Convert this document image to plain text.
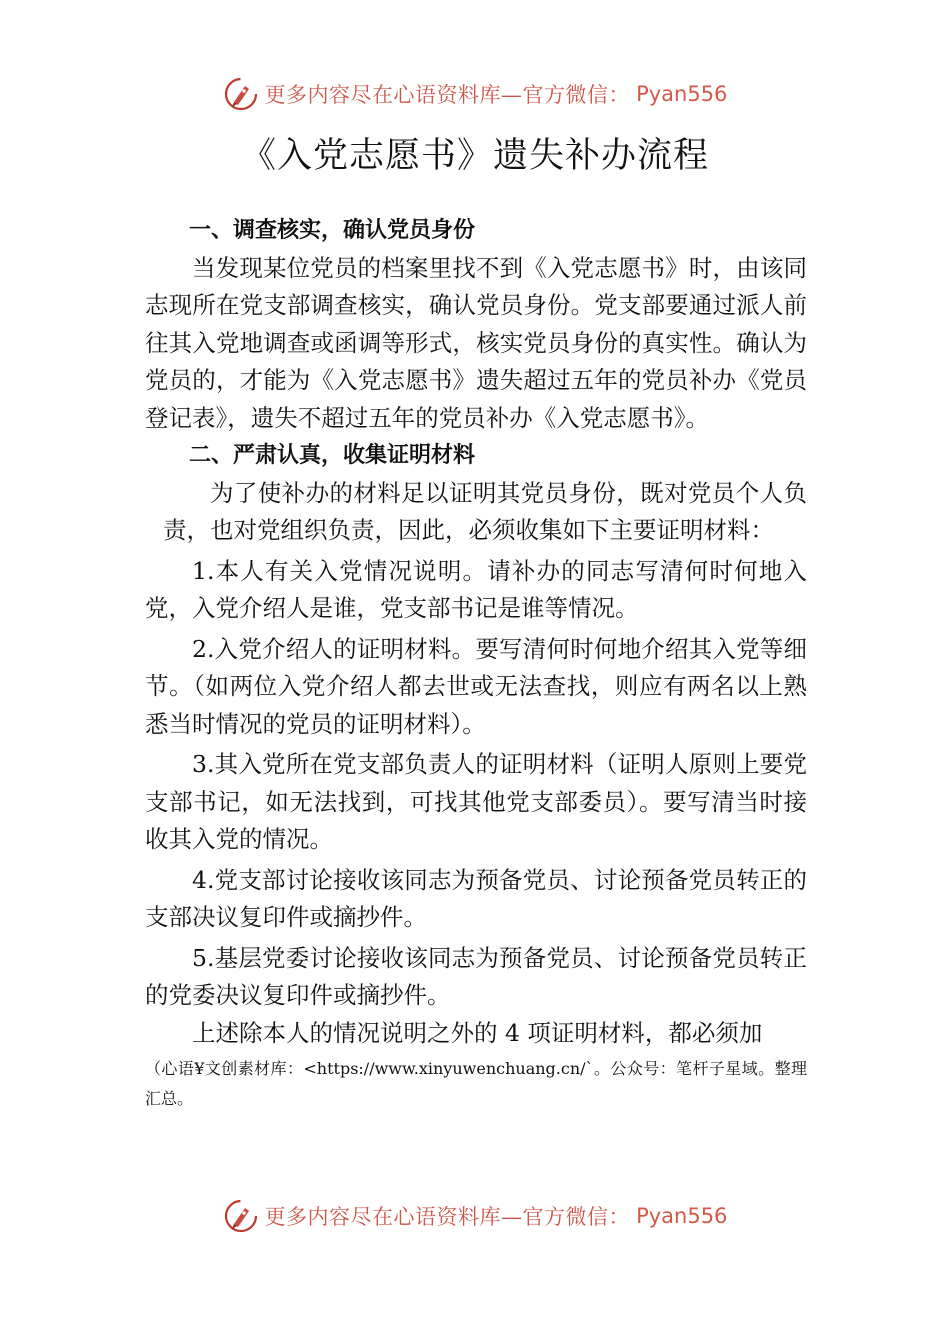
更多内容尽在心语资料库—官方微信： Pyan556
《入党志愿书》遗失补办流程

一、调查核实，确认党员身份

当发现某位党员的档案里找不到《入党志愿书》时，由该同志现所在党支部调查核实，确认党员身份。党支部要通过派人前往其入党地调查或函调等形式，核实党员身份的真实性。确认为党员的，才能为《入党志愿书》遗失超过五年的党员补办《党员登记表》，遗失不超过五年的党员补办《入党志愿书》。

二、严肃认真，收集证明材料

为了使补办的材料足以证明其党员身份，既对党员个人负责，也对党组织负责，因此，必须收集如下主要证明材料：

1.本人有关入党情况说明。请补办的同志写清何时何地入党，入党介绍人是谁，党支部书记是谁等情况。

2.入党介绍人的证明材料。要写清何时何地介绍其入党等细节。（如两位入党介绍人都去世或无法查找，则应有两名以上熟悉当时情况的党员的证明材料）。

3.其入党所在党支部负责人的证明材料（证明人原则上要党支部书记，如无法找到，可找其他党支部委员）。要写清当时接收其入党的情况。

4.党支部讨论接收该同志为预备党员、讨论预备党员转正的支部决议复印件或摘抄件。

5.基层党委讨论接收该同志为预备党员、讨论预备党员转正的党委决议复印件或摘抄件。

上述除本人的情况说明之外的 4 项证明材料，都必须加

（心语¥文创素材库：<https://www.xinyuwenchuang.cn/`。公众号：笔杆子星域。整理汇总。

更多内容尽在心语资料库—官方微信： Pyan556
